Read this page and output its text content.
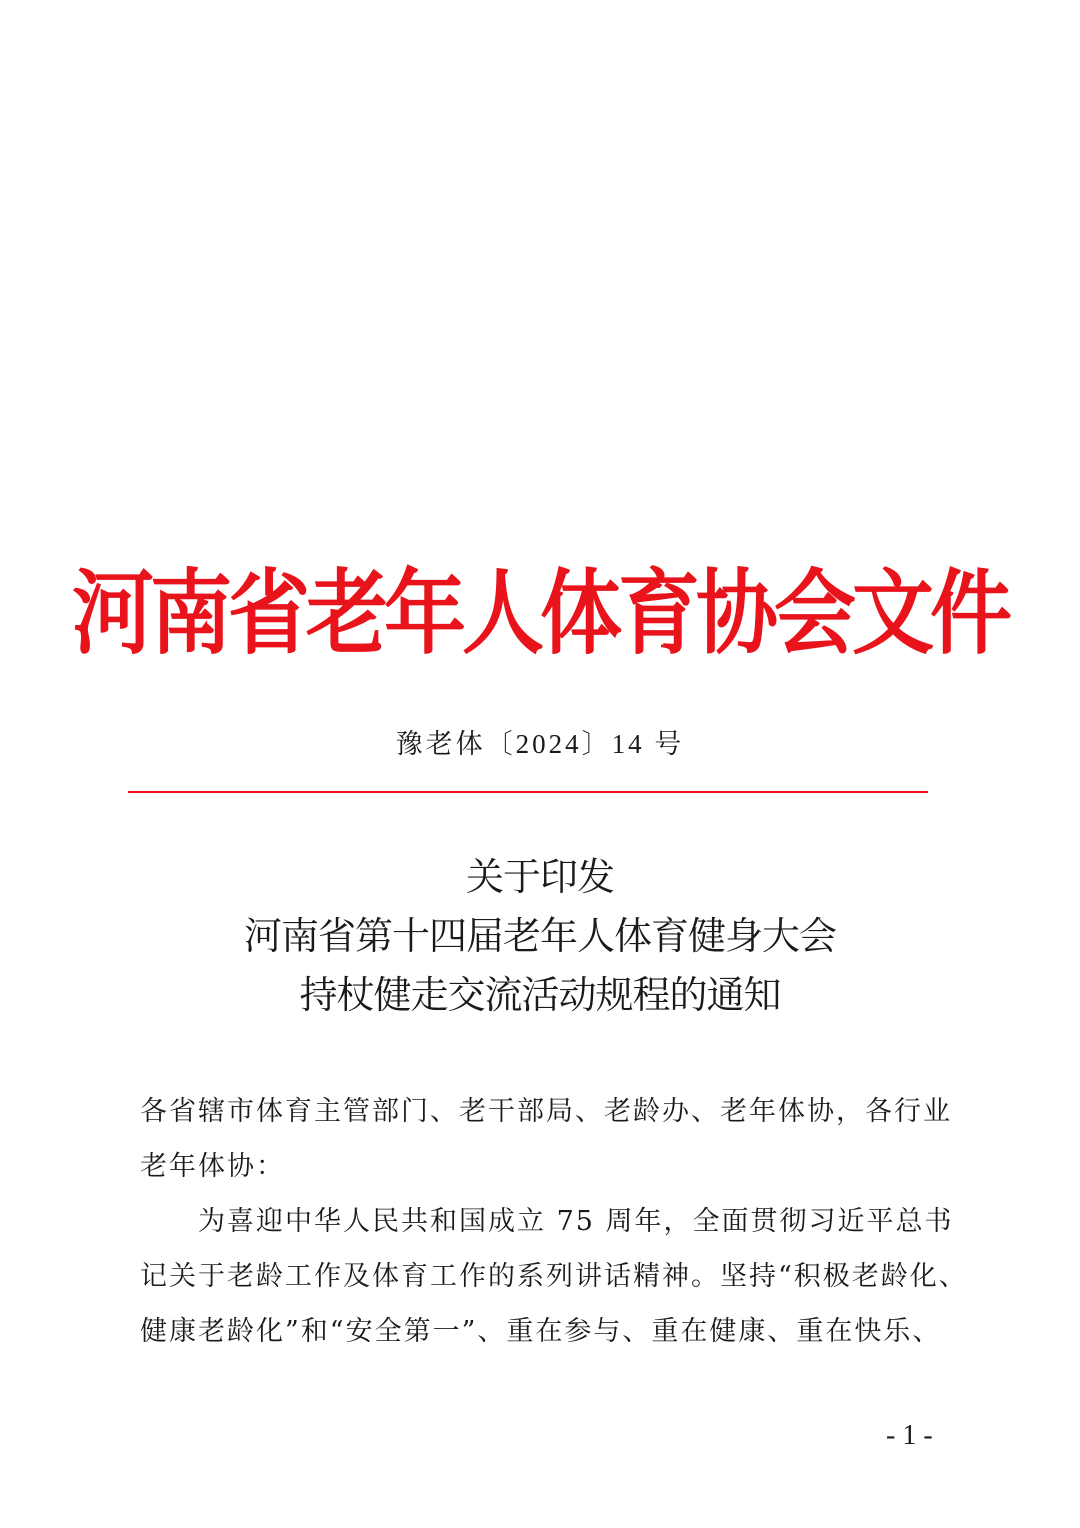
河南省老年人体育协会文件
豫老体〔2024〕14 号
关于印发
河南省第十四届老年人体育健身大会
持杖健走交流活动规程的通知
各省辖市体育主管部门、老干部局、老龄办、老年体协，各行业
老年体协：
为喜迎中华人民共和国成立 75 周年，全面贯彻习近平总书
记关于老龄工作及体育工作的系列讲话精神。坚持“积极老龄化、
健康老龄化”和“安全第一”、重在参与、重在健康、重在快乐、
- 1 -
